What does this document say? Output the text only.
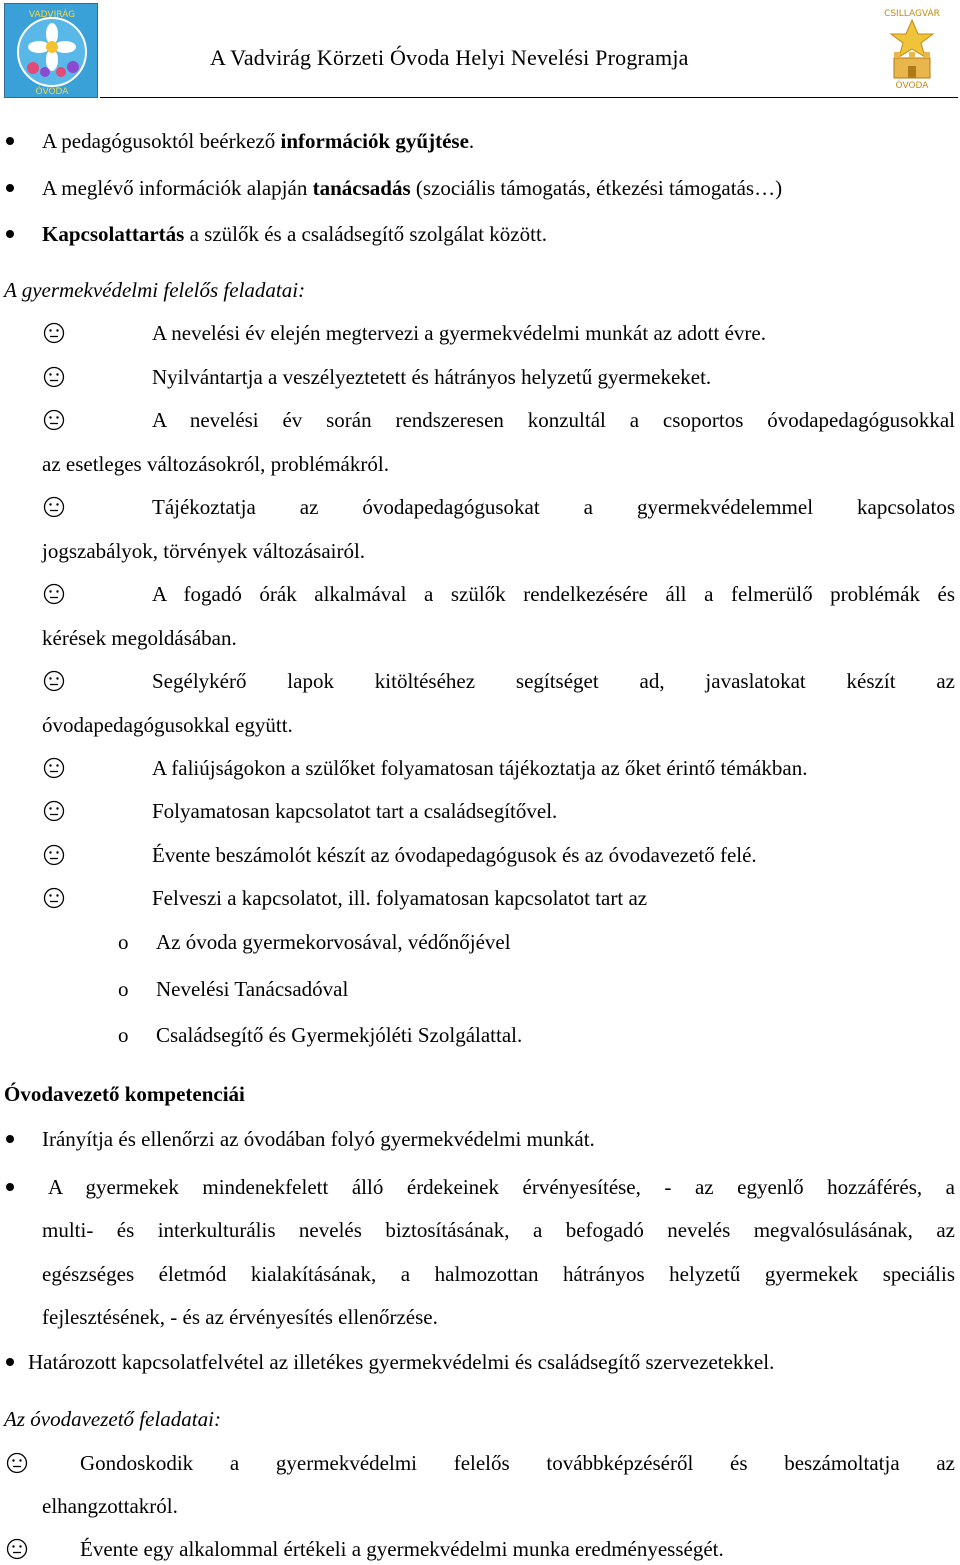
VADVIRÁG
ÓVODA
A Vadvirág Körzeti Óvoda Helyi Nevelési Programja
CSILLAGVÁR
ÓVODA
A pedagógusoktól beérkező információk gyűjtése.
A meglévő információk alapján tanácsadás (szociális támogatás, étkezési támogatás…)
Kapcsolattartás a szülők és a családsegítő szolgálat között.
A gyermekvédelmi felelős feladatai:
A nevelési év elején megtervezi a gyermekvédelmi munkát az adott évre.
Nyilvántartja a veszélyeztetett és hátrányos helyzetű gyermekeket.
A nevelési év során rendszeresen konzultál a csoportos óvodapedagógusokkal
az esetleges változásokról, problémákról.
Tájékoztatja az óvodapedagógusokat a gyermekvédelemmel kapcsolatos
jogszabályok, törvények változásairól.
A fogadó órák alkalmával a szülők rendelkezésére áll a felmerülő problémák és
kérések megoldásában.
Segélykérő lapok kitöltéséhez segítséget ad, javaslatokat készít az
óvodapedagógusokkal együtt.
A faliújságokon a szülőket folyamatosan tájékoztatja az őket érintő témákban.
Folyamatosan kapcsolatot tart a családsegítővel.
Évente beszámolót készít az óvodapedagógusok és az óvodavezető felé.
Felveszi a kapcsolatot, ill. folyamatosan kapcsolatot tart az
o Az óvoda gyermekorvosával, védőnőjével
o Nevelési Tanácsadóval
o Családsegítő és Gyermekjóléti Szolgálattal.
Óvodavezető kompetenciái
Irányítja és ellenőrzi az óvodában folyó gyermekvédelmi munkát.
A gyermekek mindenekfelett álló érdekeinek érvényesítése, - az egyenlő hozzáférés, a
multi- és interkulturális nevelés biztosításának, a befogadó nevelés megvalósulásának, az
egészséges életmód kialakításának, a halmozottan hátrányos helyzetű gyermekek speciális
fejlesztésének, - és az érvényesítés ellenőrzése.
Határozott kapcsolatfelvétel az illetékes gyermekvédelmi és családsegítő szervezetekkel.
Az óvodavezető feladatai:
Gondoskodik a gyermekvédelmi felelős továbbképzéséről és beszámoltatja az
elhangzottakról.
Évente egy alkalommal értékeli a gyermekvédelmi munka eredményességét.
